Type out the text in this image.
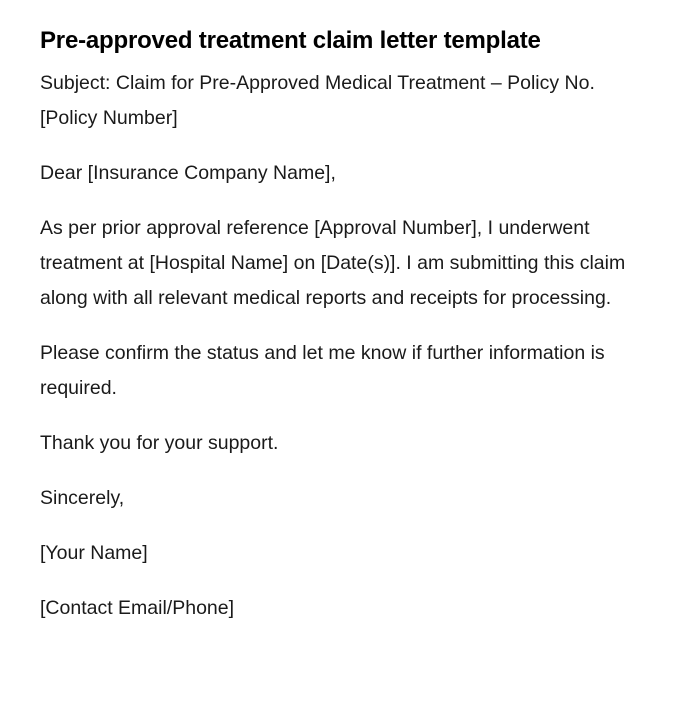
Pre-approved treatment claim letter template

Subject: Claim for Pre-Approved Medical Treatment – Policy No. [Policy Number]

Dear [Insurance Company Name],

As per prior approval reference [Approval Number], I underwent treatment at [Hospital Name] on [Date(s)]. I am submitting this claim along with all relevant medical reports and receipts for processing.

Please confirm the status and let me know if further information is required.

Thank you for your support.

Sincerely,

[Your Name]

[Contact Email/Phone]
